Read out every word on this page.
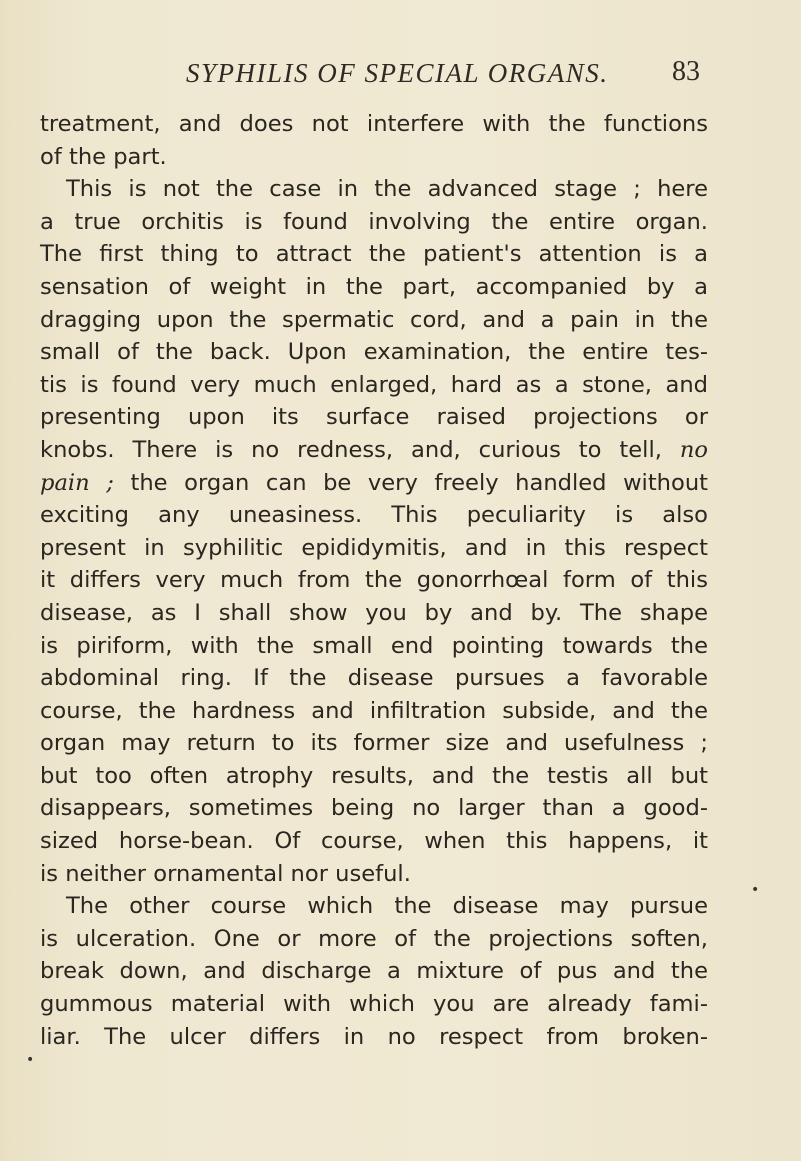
SYPHILIS OF SPECIAL ORGANS. 83
treatment, and does not interfere with the functions
of the part.
This is not the case in the advanced stage ; here
a true orchitis is found involving the entire organ.
The first thing to attract the patient's attention is a
sensation of weight in the part, accompanied by a
dragging upon the spermatic cord, and a pain in the
small of the back. Upon examination, the entire tes-
tis is found very much enlarged, hard as a stone, and
presenting upon its surface raised projections or
knobs. There is no redness, and, curious to tell, no
pain ; the organ can be very freely handled without
exciting any uneasiness. This peculiarity is also
present in syphilitic epididymitis, and in this respect
it differs very much from the gonorrhœal form of this
disease, as I shall show you by and by. The shape
is piriform, with the small end pointing towards the
abdominal ring. If the disease pursues a favorable
course, the hardness and infiltration subside, and the
organ may return to its former size and usefulness ;
but too often atrophy results, and the testis all but
disappears, sometimes being no larger than a good-
sized horse-bean. Of course, when this happens, it
is neither ornamental nor useful.
The other course which the disease may pursue
is ulceration. One or more of the projections soften,
break down, and discharge a mixture of pus and the
gummous material with which you are already fami-
liar. The ulcer differs in no respect from broken-
•
•
